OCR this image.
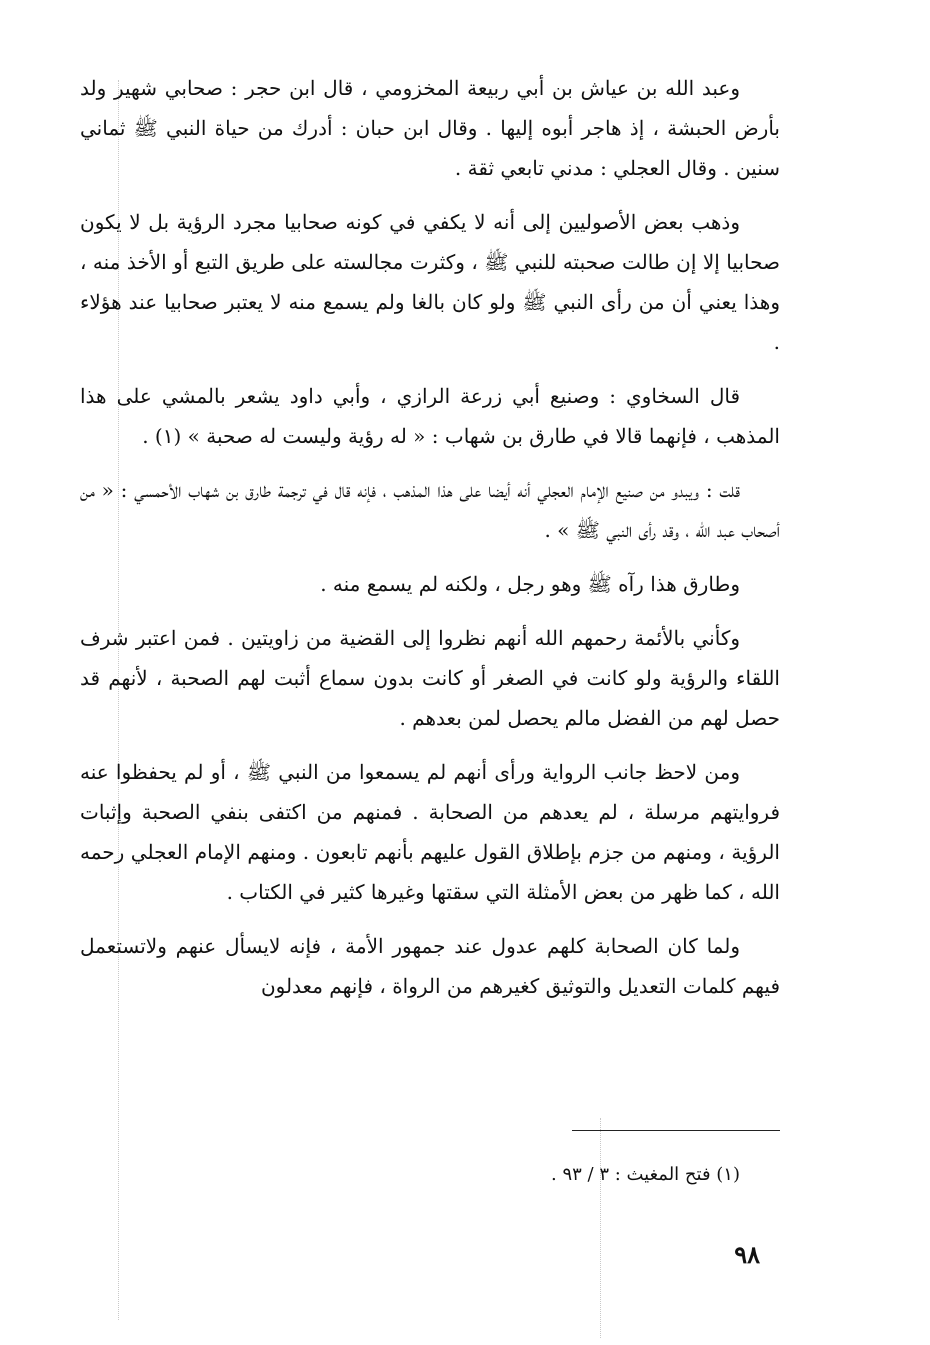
وعبد الله بن عياش بن أبي ربيعة المخزومي ، قال ابن حجر : صحابي شهير ولد بأرض الحبشة ، إذ هاجر أبوه إليها . وقال ابن حبان : أدرك من حياة النبي ﷺ ثماني سنين . وقال العجلي : مدني تابعي ثقة .

وذهب بعض الأصوليين إلى أنه لا يكفي في كونه صحابيا مجرد الرؤية بل لا يكون صحابيا إلا إن طالت صحبته للنبي ﷺ ، وكثرت مجالسته على طريق التبع أو الأخذ منه ، وهذا يعني أن من رأى النبي ﷺ ولو كان بالغا ولم يسمع منه لا يعتبر صحابيا عند هؤلاء .

قال السخاوي : وصنيع أبي زرعة الرازي ، وأبي داود يشعر بالمشي على هذا المذهب ، فإنهما قالا في طارق بن شهاب : « له رؤية وليست له صحبة » (١) .

قلت : ويبدو من صنيع الإمام العجلي أنه أيضا على هذا المذهب ، فإنه قال في ترجمة طارق بن شهاب الأحمسي : « من أصحاب عبد الله ، وقد رأى النبي ﷺ » .

وطارق هذا رآه ﷺ وهو رجل ، ولكنه لم يسمع منه .

وكأني بالأئمة رحمهم الله أنهم نظروا إلى القضية من زاويتين . فمن اعتبر شرف اللقاء والرؤية ولو كانت في الصغر أو كانت بدون سماع أثبت لهم الصحبة ، لأنهم قد حصل لهم من الفضل مالم يحصل لمن بعدهم .

ومن لاحظ جانب الرواية ورأى أنهم لم يسمعوا من النبي ﷺ ، أو لم يحفظوا عنه فروايتهم مرسلة ، لم يعدهم من الصحابة . فمنهم من اكتفى بنفي الصحبة وإثبات الرؤية ، ومنهم من جزم بإطلاق القول عليهم بأنهم تابعون . ومنهم الإمام العجلي رحمه الله ، كما ظهر من بعض الأمثلة التي سقتها وغيرها كثير في الكتاب .

ولما كان الصحابة كلهم عدول عند جمهور الأمة ، فإنه لايسأل عنهم ولاتستعمل فيهم كلمات التعديل والتوثيق كغيرهم من الرواة ، فإنهم معدلون

(١) فتح المغيث : ٣ / ٩٣ .
٩٨
